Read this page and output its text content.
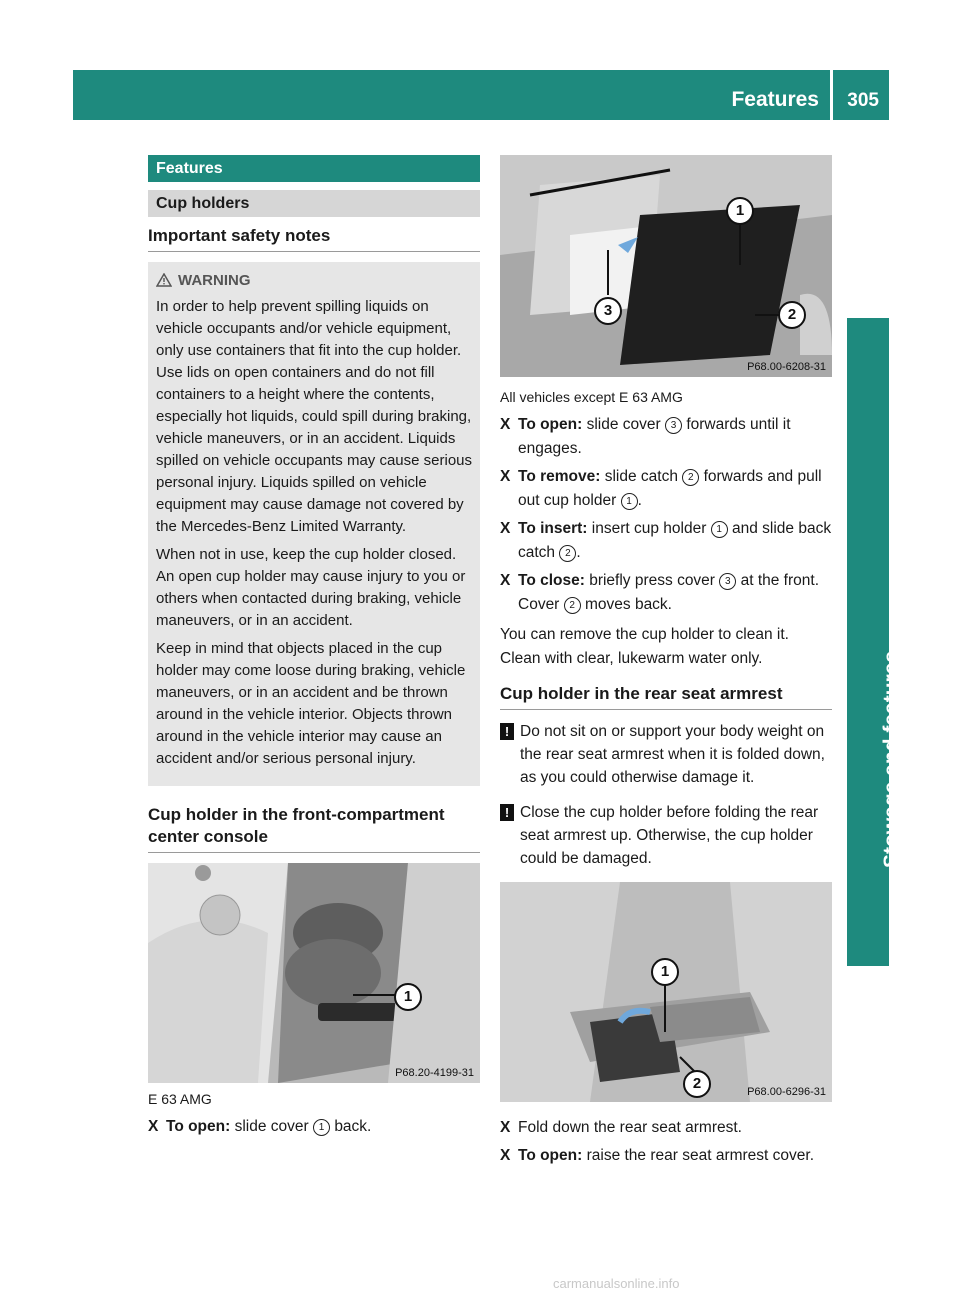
Features 305
Stowage and features
Features
Cup holders
Important safety notes
WARNING

In order to help prevent spilling liquids on vehicle occupants and/or vehicle equipment, only use containers that fit into the cup holder. Use lids on open containers and do not fill containers to a height where the contents, especially hot liquids, could spill during braking, vehicle maneuvers, or in an accident. Liquids spilled on vehicle occupants may cause serious personal injury. Liquids spilled on vehicle equipment may cause damage not covered by the Mercedes-Benz Limited Warranty.

When not in use, keep the cup holder closed. An open cup holder may cause injury to you or others when contacted during braking, vehicle maneuvers, or in an accident.

Keep in mind that objects placed in the cup holder may come loose during braking, vehicle maneuvers, or in an accident and be thrown around in the vehicle interior. Objects thrown around in the vehicle interior may cause an accident and/or serious personal injury.

Cup holder in the front-compartment center console
1
P68.20-4199-31
E 63 AMG
X To open: slide cover 1 back.
1
2
3
P68.00-6208-31
All vehicles except E 63 AMG
X To open: slide cover 3 forwards until it engages.
X To remove: slide catch 2 forwards and pull out cup holder 1 .
X To insert: insert cup holder 1 and slide back catch 2 .
X To close: briefly press cover 3 at the front.
Cover 2 moves back.
You can remove the cup holder to clean it. Clean with clear, lukewarm water only.
Cup holder in the rear seat armrest
! Do not sit on or support your body weight on the rear seat armrest when it is folded down, as you could otherwise damage it.
! Close the cup holder before folding the rear seat armrest up. Otherwise, the cup holder could be damaged.
1
2	P68.00-6296-31
X Fold down the rear seat armrest.
X To open: raise the rear seat armrest cover.
carmanualsonline.info
